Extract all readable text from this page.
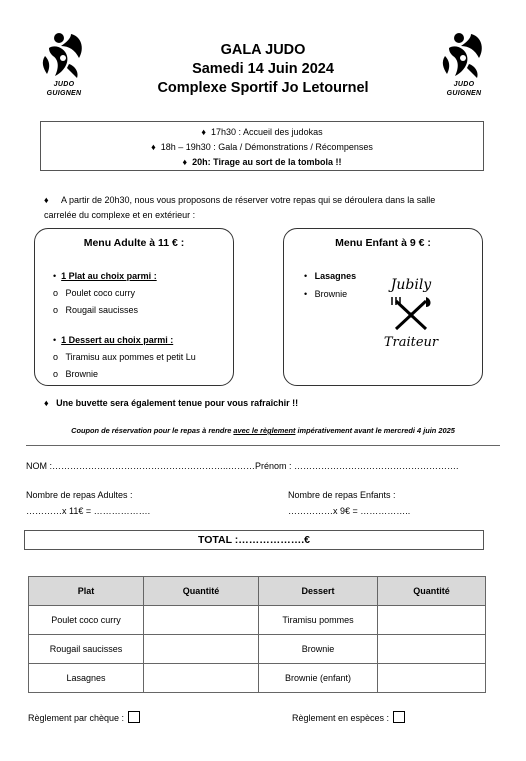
JUDO
GUIGNEN
JUDO
GUIGNEN
GALA JUDO
Samedi 14 Juin 2024
Complexe Sportif Jo Letournel
♦  17h30 : Accueil des judokas
♦  18h – 19h30 : Gala / Démonstrations / Récompenses
♦  20h: Tirage au sort de la tombola !!
♦	A partir de 20h30, nous vous proposons de réserver votre repas qui se déroulera dans la salle
carrelée du complexe et en extérieur :
Menu Adulte à 11 € :
•  1 Plat au choix parmi :
o   Poulet coco curry
o   Rougail saucisses
•  1 Dessert au choix parmi :
o   Tiramisu aux pommes et petit Lu
o   Brownie
Menu Enfant à 9 € :
•   Lasagnes
•   Brownie
Jubily
Traiteur
♦   Une buvette sera également tenue pour vous rafraîchir !!
Coupon de réservation pour le repas à rendre avec le règlement impérativement avant le mercredi 4 juin 2025
NOM :…………………………………………………..………Prénom : ……………………………………………….
Nombre de repas Adultes :
…………x 11€ = ……………….
Nombre de repas Enfants :
……………x 9€ = ……………..
TOTAL :……………….€
Plat	Quantité	Dessert	Quantité
Poulet coco curry		Tiramisu pommes	
Rougail saucisses		Brownie	
Lasagnes		Brownie (enfant)	
Règlement par chèque :	Règlement en espèces :
